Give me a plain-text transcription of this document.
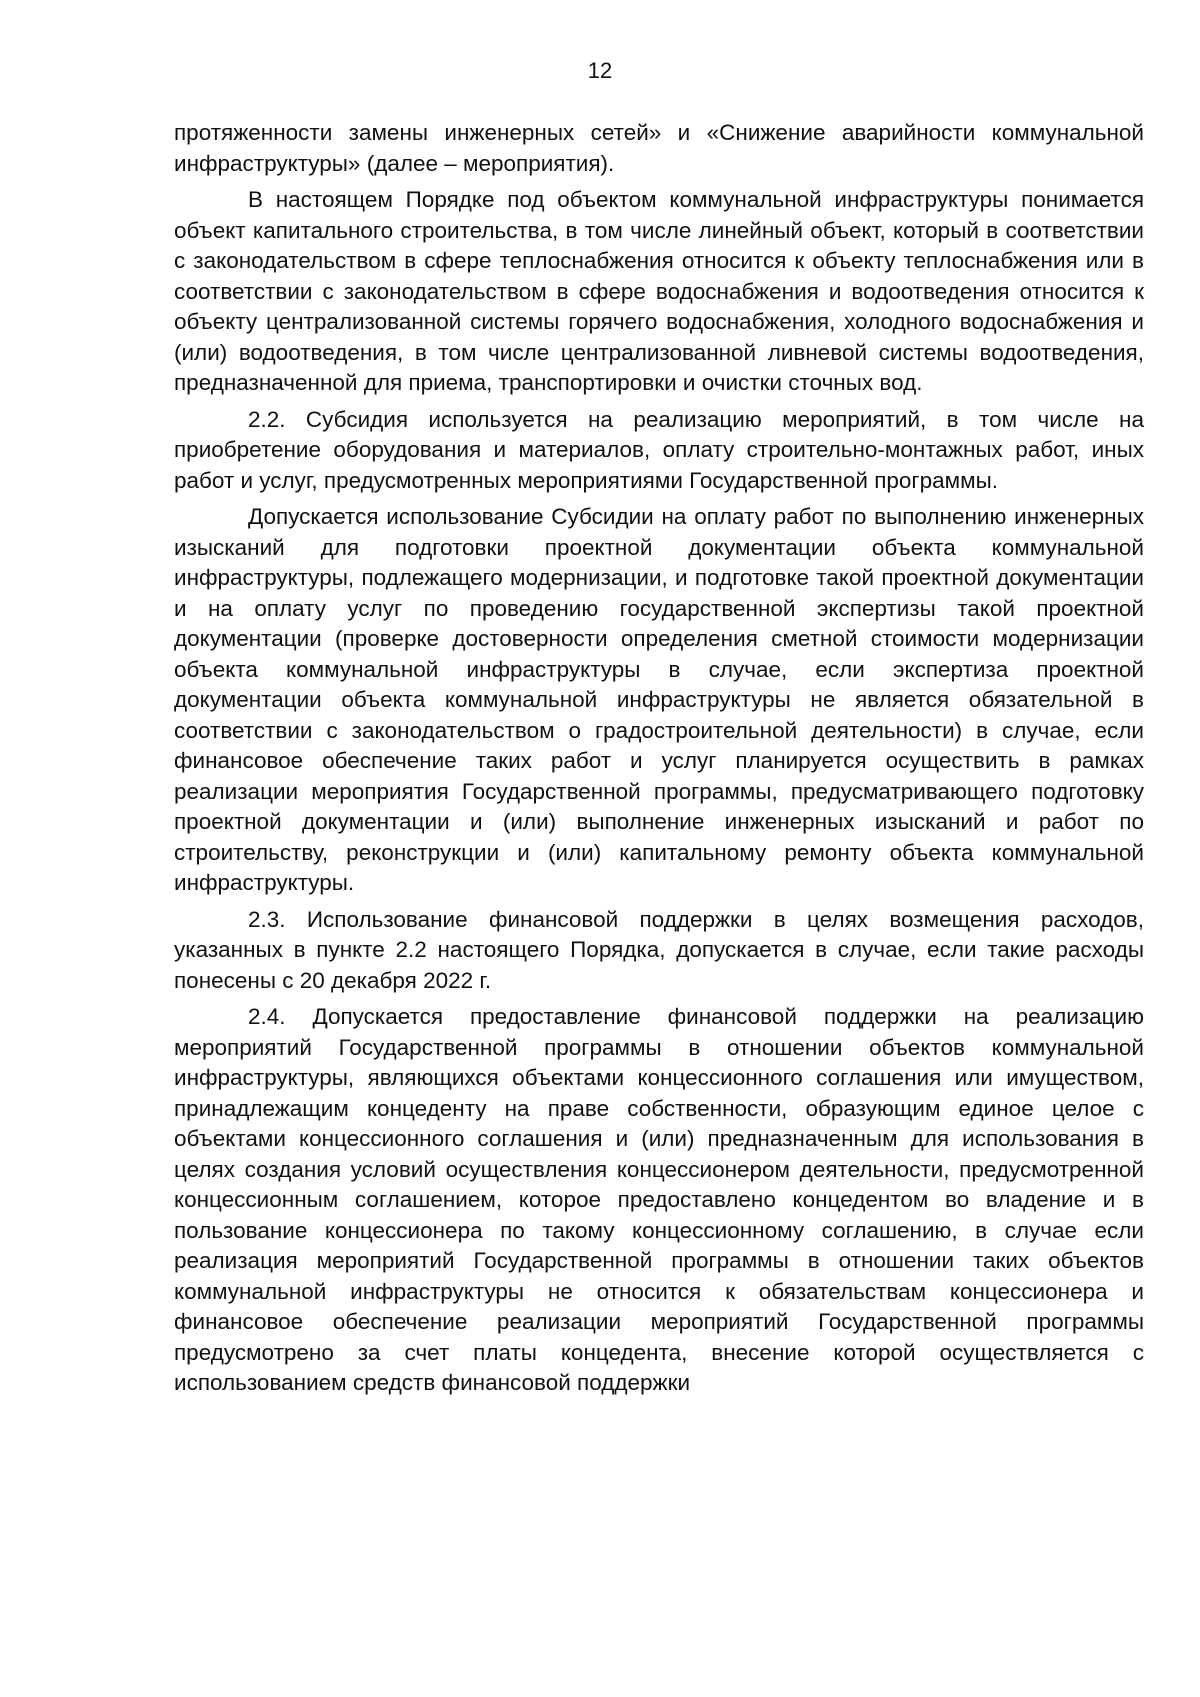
12

протяженности замены инженерных сетей» и «Снижение аварийности коммунальной инфраструктуры» (далее – мероприятия).

В настоящем Порядке под объектом коммунальной инфраструктуры понимается объект капитального строительства, в том числе линейный объект, который в соответствии с законодательством в сфере теплоснабжения относится к объекту теплоснабжения или в соответствии с законодательством в сфере водоснабжения и водоотведения относится к объекту централизованной системы горячего водоснабжения, холодного водоснабжения и (или) водоотведения, в том числе централизованной ливневой системы водоотведения, предназначенной для приема, транспортировки и очистки сточных вод.

2.2. Субсидия используется на реализацию мероприятий, в том числе на приобретение оборудования и материалов, оплату строительно-монтажных работ, иных работ и услуг, предусмотренных мероприятиями Государственной программы.

Допускается использование Субсидии на оплату работ по выполнению инженерных изысканий для подготовки проектной документации объекта коммунальной инфраструктуры, подлежащего модернизации, и подготовке такой проектной документации и на оплату услуг по проведению государственной экспертизы такой проектной документации (проверке достоверности определения сметной стоимости модернизации объекта коммунальной инфраструктуры в случае, если экспертиза проектной документации объекта коммунальной инфраструктуры не является обязательной в соответствии с законодательством о градостроительной деятельности) в случае, если финансовое обеспечение таких работ и услуг планируется осуществить в рамках реализации мероприятия Государственной программы, предусматривающего подготовку проектной документации и (или) выполнение инженерных изысканий и работ по строительству, реконструкции и (или) капитальному ремонту объекта коммунальной инфраструктуры.

2.3. Использование финансовой поддержки в целях возмещения расходов, указанных в пункте 2.2 настоящего Порядка, допускается в случае, если такие расходы понесены с 20 декабря 2022 г.

2.4. Допускается предоставление финансовой поддержки на реализацию мероприятий Государственной программы в отношении объектов коммунальной инфраструктуры, являющихся объектами концессионного соглашения или имуществом, принадлежащим концеденту на праве собственности, образующим единое целое с объектами концессионного соглашения и (или) предназначенным для использования в целях создания условий осуществления концессионером деятельности, предусмотренной концессионным соглашением, которое предоставлено концедентом во владение и в пользование концессионера по такому концессионному соглашению, в случае если реализация мероприятий Государственной программы в отношении таких объектов коммунальной инфраструктуры не относится к обязательствам концессионера и финансовое обеспечение реализации мероприятий Государственной программы предусмотрено за счет платы концедента, внесение которой осуществляется с использованием средств финансовой поддержки
